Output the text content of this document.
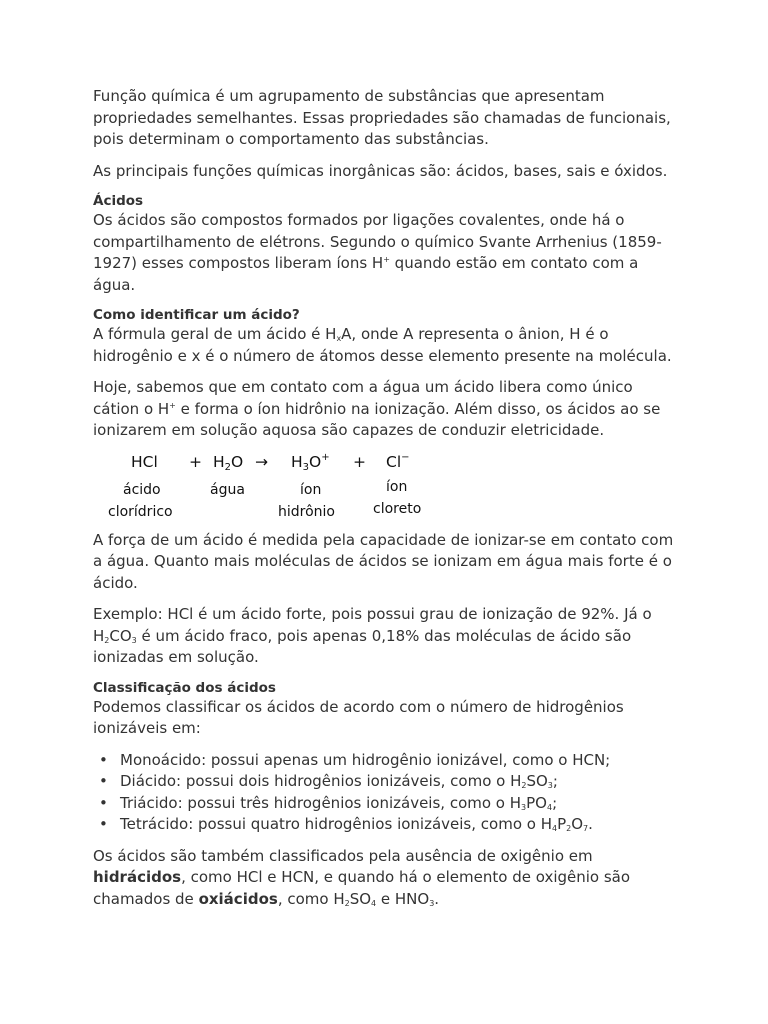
Função química é um agrupamento de substâncias que apresentam propriedades semelhantes. Essas propriedades são chamadas de funcionais, pois determinam o comportamento das substâncias.

As principais funções químicas inorgânicas são: ácidos, bases, sais e óxidos.

Ácidos

Os ácidos são compostos formados por ligações covalentes, onde há o compartilhamento de elétrons. Segundo o químico Svante Arrhenius (1859-1927) esses compostos liberam íons H+ quando estão em contato com a água.

Como identificar um ácido?

A fórmula geral de um ácido é $H_xA$, onde A representa o ânion, H é o hidrogênio e x é o número de átomos desse elemento presente na molécula.

Hoje, sabemos que em contato com a água um ácido libera como único cátion o H+ e forma o íon hidrônio na ionização. Além disso, os ácidos ao se ionizarem em solução aquosa são capazes de conduzir eletricidade.

HCl + $H_2O \to H_3O^+ + Cl^-$
ácido
clorídrico
água	íon
hidrônio
íon
cloreto

A força de um ácido é medida pela capacidade de ionizar-se em contato com a água. Quanto mais moléculas de ácidos se ionizam em água mais forte é o ácido.

Exemplo: HCl é um ácido forte, pois possui grau de ionização de 92%. Já o $H_2CO_3$ é um ácido fraco, pois apenas 0,18% das moléculas de ácido são ionizadas em solução.

Classificação dos ácidos

Podemos classificar os ácidos de acordo com o número de hidrogênios ionizáveis em:

• Monoácido: possui apenas um hidrogênio ionizável, como o HCN;
• Diácido: possui dois hidrogênios ionizáveis, como o $H_2SO_3$;
• Triácido: possui três hidrogênios ionizáveis, como o $H_3PO_4$;
• Tetrácido: possui quatro hidrogênios ionizáveis, como o $H_4P_2O_7$.

Os ácidos são também classificados pela ausência de oxigênio em hidrácidos, como HCl e HCN, e quando há o elemento de oxigênio são chamados de oxiácidos, como $H_2SO_4$ e $HNO_3$.
